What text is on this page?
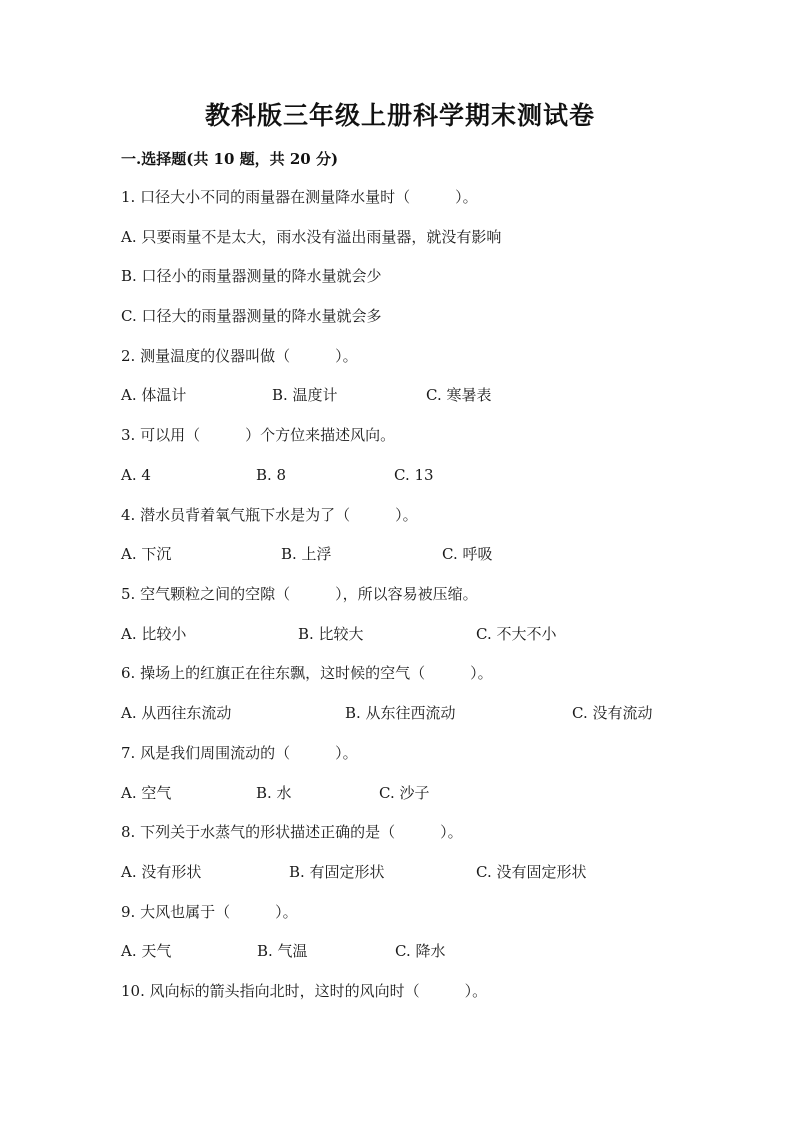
教科版三年级上册科学期末测试卷
一.选择题(共 10 题，共 20 分)
1. 口径大小不同的雨量器在测量降水量时（　　　）。
A. 只要雨量不是太大，雨水没有溢出雨量器，就没有影响
B. 口径小的雨量器测量的降水量就会少
C. 口径大的雨量器测量的降水量就会多
2. 测量温度的仪器叫做（　　　）。
A. 体温计	B. 温度计	C. 寒暑表
3. 可以用（　　　）个方位来描述风向。
A. 4	B. 8	C. 13
4. 潜水员背着氧气瓶下水是为了（　　　）。
A. 下沉	B. 上浮	C. 呼吸
5. 空气颗粒之间的空隙（　　　），所以容易被压缩。
A. 比较小	B. 比较大	C. 不大不小
6. 操场上的红旗正在往东飘，这时候的空气（　　　）。
A. 从西往东流动	B. 从东往西流动	C. 没有流动
7. 风是我们周围流动的（　　　）。
A. 空气	B. 水	C. 沙子
8. 下列关于水蒸气的形状描述正确的是（　　　）。
A. 没有形状	B. 有固定形状	C. 没有固定形状
9. 大风也属于（　　　）。
A. 天气	B. 气温	C. 降水
10. 风向标的箭头指向北时，这时的风向时（　　　）。
